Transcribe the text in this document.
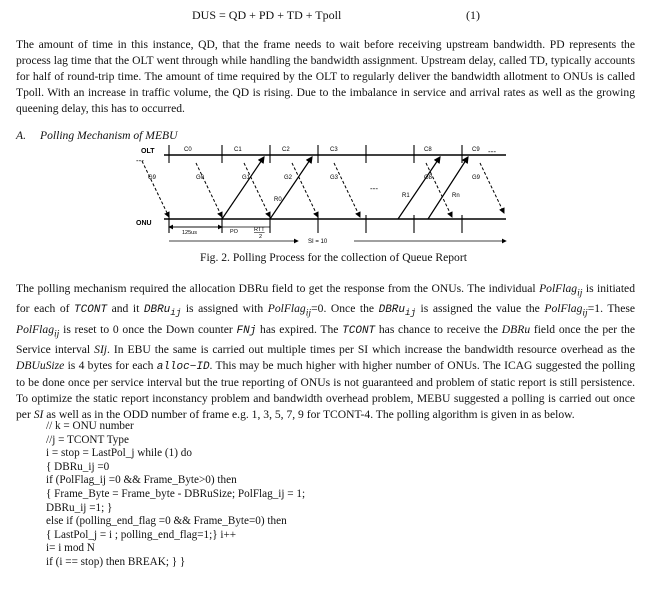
DUS = QD + PD + TD + Tpoll	(1)

The amount of time in this instance, QD, that the frame needs to wait before receiving upstream bandwidth. PD represents the process lag time that the OLT went through while handling the bandwidth assignment. Upstream delay, called TD, typically accounts for half of round-trip time. The amount of time required by the OLT to regularly deliver the bandwidth allotment to ONUs is called Tpoll. With an increase in traffic volume, the QD is rising. Due to the imbalance in service and arrival rates as well as the growing queening delay, this has to occurred.

A. Polling Mechanism of MEBU
OLT
ONU
---
---
C0	C1	C2	C3	C8	C9
G9	G0	G1	G2	G3	G8	G9
R0
R1	Rn
---
125us	PO	RTT
2
SI = 10
Fig. 2. Polling Process for the collection of Queue Report

The polling mechanism required the allocation DBRu field to get the response from the ONUs. The individual PolFlag$_{ij}$ is initiated for each of TCONT and it DBRu$_{ij}$ is assigned with PolFlag$_{ij}$=0. Once the DBRu$_{ij}$ is assigned the value the PolFlag$_{ij}$=1. These PolFlag$_{ij}$ is reset to 0 once the Down counter FNj has expired. The TCONT has chance to receive the DBRu field once the per the Service interval SIj. In EBU the same is carried out multiple times per SI which increase the bandwidth resource overhead as the DBUuSize is 4 bytes for each alloc−ID. This may be much higher with higher number of ONUs. The ICAG suggested the polling to be done once per service interval but the true reporting of ONUs is not guaranteed and problem of static report is still persistence. To optimize the static report inconstancy problem and bandwidth overhead problem, MEBU suggested a polling is carried out once per SI as well as in the ODD number of frame e.g. 1, 3, 5, 7, 9 for TCONT-4. The polling algorithm is given in as below.

// k = ONU number
//j = TCONT Type
i = stop = LastPol_j while (1) do
{ DBRu_ij =0
if (PolFlag_ij =0 && Frame_Byte>0) then
{ Frame_Byte = Frame_byte - DBRuSize; PolFlag_ij = 1;
DBRu_ij =1; }
else if (polling_end_flag =0 && Frame_Byte=0) then
{ LastPol_j = i ; polling_end_flag=1;} i++
i= i mod N
if (i == stop) then BREAK; } }
